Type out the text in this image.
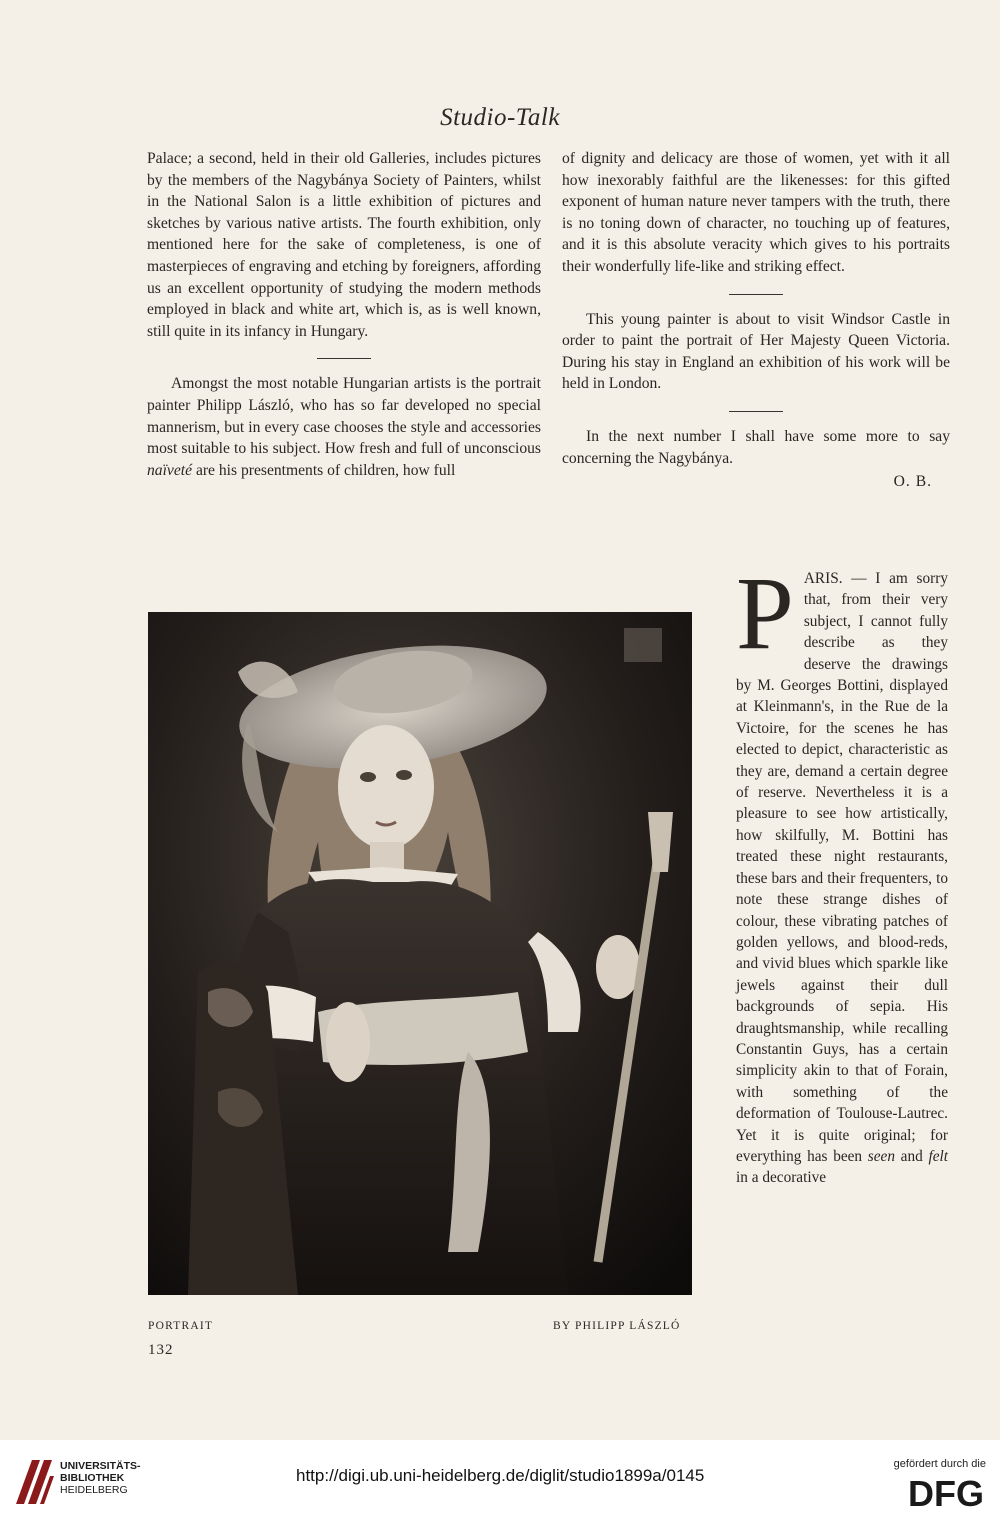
Studio-Talk

Palace; a second, held in their old Galleries, includes pictures by the members of the Nagybánya Society of Painters, whilst in the National Salon is a little exhibition of pictures and sketches by various native artists. The fourth exhibition, only mentioned here for the sake of completeness, is one of masterpieces of engraving and etching by foreigners, affording us an excellent opportunity of studying the modern methods employed in black and white art, which is, as is well known, still quite in its infancy in Hungary.

Amongst the most notable Hungarian artists is the portrait painter Philipp László, who has so far developed no special mannerism, but in every case chooses the style and accessories most suitable to his subject. How fresh and full of unconscious naïveté are his presentments of children, how full

of dignity and delicacy are those of women, yet with it all how inexorably faithful are the likenesses: for this gifted exponent of human nature never tampers with the truth, there is no toning down of character, no touching up of features, and it is this absolute veracity which gives to his portraits their wonderfully life-like and striking effect.

This young painter is about to visit Windsor Castle in order to paint the portrait of Her Majesty Queen Victoria. During his stay in England an exhibition of his work will be held in London.

In the next number I shall have some more to say concerning the Nagybánya.

O. B.

PARIS. — I am sorry that, from their very subject, I cannot fully describe as they deserve the drawings by M. Georges Bottini, displayed at Kleinmann's, in the Rue de la Victoire, for the scenes he has elected to depict, characteristic as they are, demand a certain degree of reserve. Nevertheless it is a pleasure to see how artistically, how skilfully, M. Bottini has treated these night restaurants, these bars and their frequenters, to note these strange dishes of colour, these vibrating patches of golden yellows, and blood-reds, and vivid blues which sparkle like jewels against their dull backgrounds of sepia. His draughtsmanship, while recalling Constantin Guys, has a certain simplicity akin to that of Forain, with something of the deformation of Toulouse-Lautrec. Yet it is quite original; for everything has been seen and felt in a decorative

PORTRAIT	BY PHILIPP LÁSZLÓ
132
UNIVERSITÄTS-
BIBLIOTHEK
HEIDELBERG
http://digi.ub.uni-heidelberg.de/diglit/studio1899a/0145
gefördert durch die
DFG
